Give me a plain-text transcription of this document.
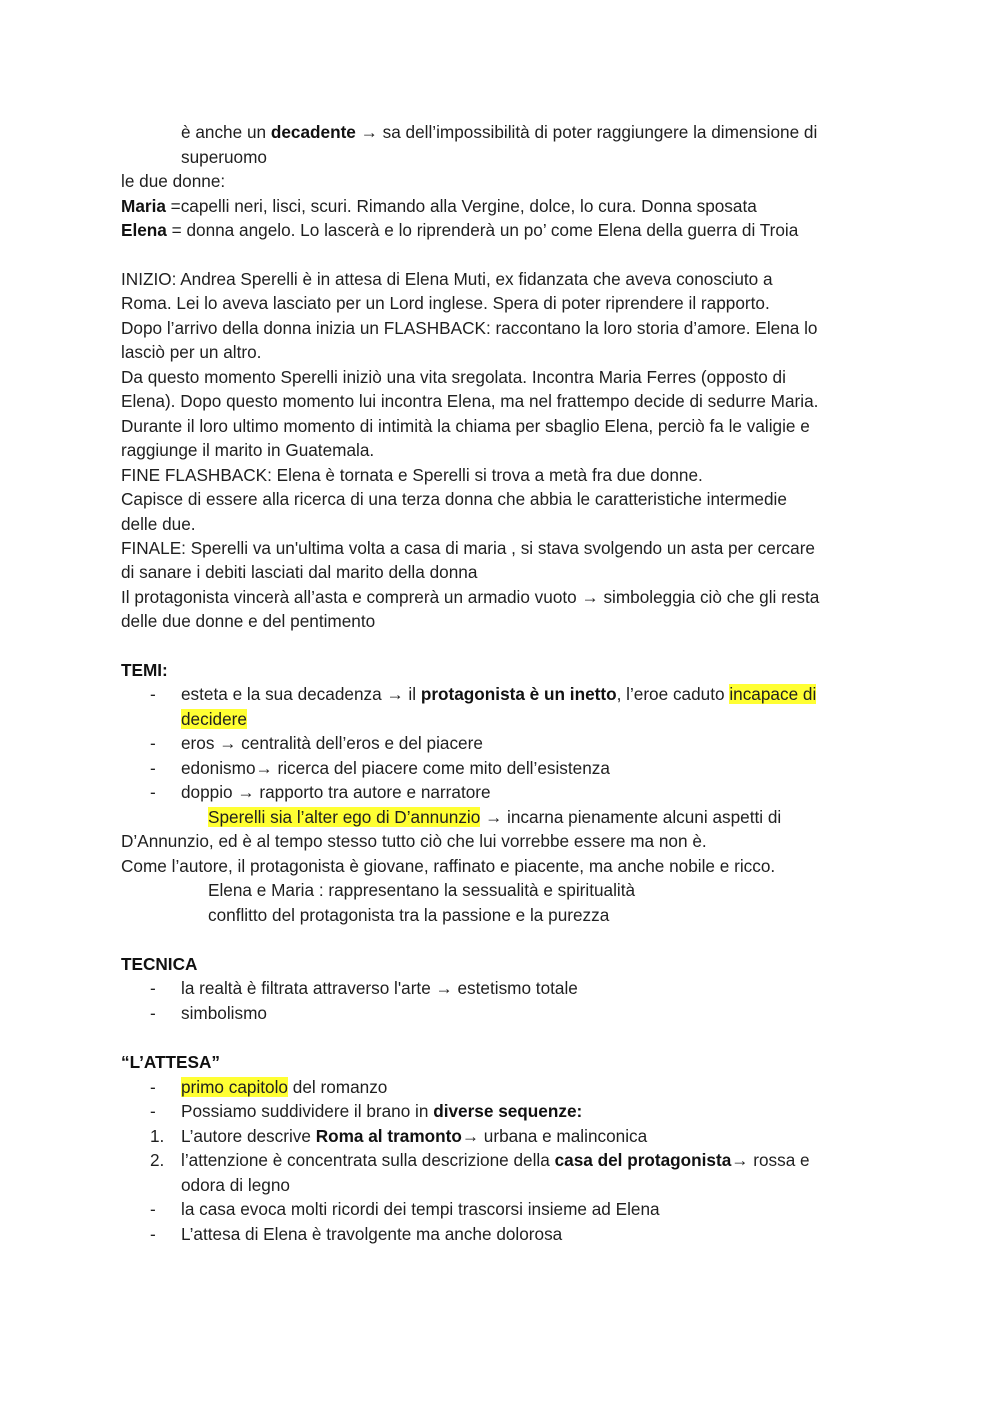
è anche un decadente → sa dell’impossibilità di poter raggiungere la dimensione di
superuomo
le due donne:
Maria =capelli neri, lisci, scuri. Rimando alla Vergine, dolce, lo cura. Donna sposata
Elena = donna angelo. Lo lascerà e lo riprenderà un po’ come Elena della guerra di Troia
INIZIO: Andrea Sperelli è in attesa di Elena Muti, ex fidanzata che aveva conosciuto a
Roma. Lei lo aveva lasciato per un Lord inglese. Spera di poter riprendere il rapporto.
Dopo l’arrivo della donna inizia un FLASHBACK: raccontano la loro storia d’amore. Elena lo
lasciò per un altro.
Da questo momento Sperelli iniziò una vita sregolata. Incontra Maria Ferres (opposto di
Elena). Dopo questo momento lui incontra Elena, ma nel frattempo decide di sedurre Maria.
Durante il loro ultimo momento di intimità la chiama per sbaglio Elena, perciò fa le valigie e
raggiunge il marito in Guatemala.
FINE FLASHBACK: Elena è tornata e Sperelli si trova a metà fra due donne.
Capisce di essere alla ricerca di una terza donna che abbia le caratteristiche intermedie
delle due.
FINALE: Sperelli va un'ultima volta a casa di maria , si stava svolgendo un asta per cercare
di sanare i debiti lasciati dal marito della donna
Il protagonista vincerà all’asta e comprerà un armadio vuoto → simboleggia ciò che gli resta
delle due donne e del pentimento
TEMI:
- esteta e la sua decadenza → il protagonista è un inetto, l’eroe caduto incapace di
decidere
- eros → centralità dell’eros e del piacere
- edonismo→ ricerca del piacere come mito dell’esistenza
- doppio → rapporto tra autore e narratore
Sperelli sia l’alter ego di D’annunzio → incarna pienamente alcuni aspetti di
D’Annunzio, ed è al tempo stesso tutto ciò che lui vorrebbe essere ma non è.
Come l’autore, il protagonista è giovane, raffinato e piacente, ma anche nobile e ricco.
Elena e Maria : rappresentano la sessualità e spiritualità
conflitto del protagonista tra la passione e la purezza
TECNICA
- la realtà è filtrata attraverso l'arte → estetismo totale
- simbolismo
“L’ATTESA”
- primo capitolo del romanzo
- Possiamo suddividere il brano in diverse sequenze:
1. L’autore descrive Roma al tramonto→ urbana e malinconica
2. l’attenzione è concentrata sulla descrizione della casa del protagonista→ rossa e
odora di legno
- la casa evoca molti ricordi dei tempi trascorsi insieme ad Elena
- L’attesa di Elena è travolgente ma anche dolorosa
